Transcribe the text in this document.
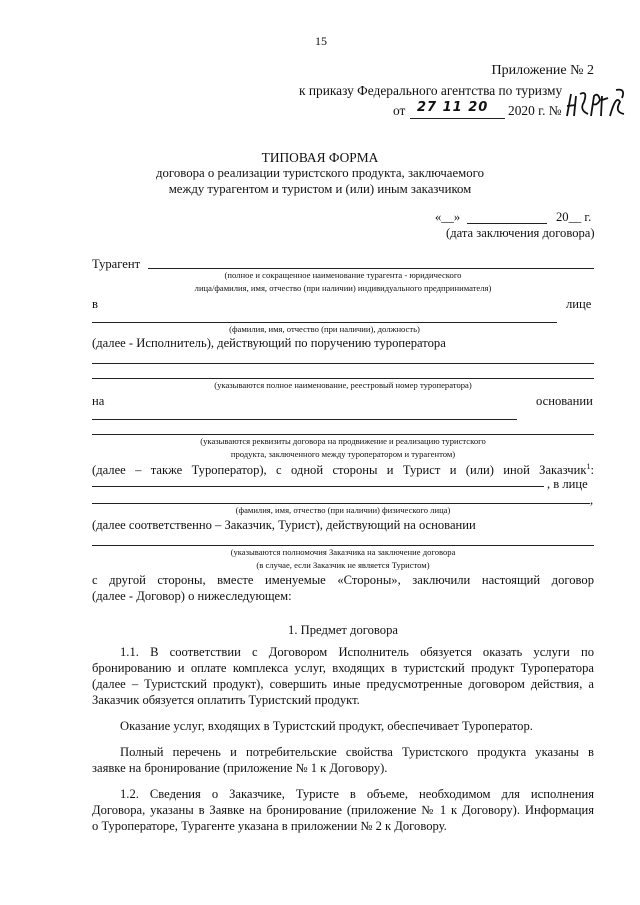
15
Приложение № 2
к приказу Федерального агентства по туризму
от 27 11 20 2020 г. №
448Пр-20
ТИПОВАЯ ФОРМА
договора о реализации туристского продукта, заключаемого
между турагентом и туристом и (или) иным заказчиком
«__»	20__ г.
(дата заключения договора)
Турагент
(полное и сокращенное наименование турагента - юридического
лица/фамилия, имя, отчество (при наличии) индивидуального предпринимателя)
в	лице
(фамилия, имя, отчество (при наличии), должность)
(далее - Исполнитель), действующий по поручению туроператора
(указываются полное наименование, реестровый номер туроператора)
на	основании
(указываются реквизиты договора на продвижение и реализацию туристского
продукта, заключенного между туроператором и турагентом)
(далее – также Туроператор), с одной стороны и Турист и (или) иной Заказчик$^1$:
, в лице
,
(фамилия, имя, отчество (при наличии) физического лица)
(далее соответственно – Заказчик, Турист), действующий на основании
(указываются полномочия Заказчика на заключение договора
(в случае, если Заказчик не является Туристом)
с другой стороны, вместе именуемые «Стороны», заключили настоящий договор
(далее - Договор) о нижеследующем:
1. Предмет договора
1.1. В соответствии с Договором Исполнитель обязуется оказать услуги по
бронированию и оплате комплекса услуг, входящих в туристский продукт Туроператора
(далее – Туристский продукт), совершить иные предусмотренные договором действия, а
Заказчик обязуется оплатить Туристский продукт.
Оказание услуг, входящих в Туристский продукт, обеспечивает Туроператор.
Полный перечень и потребительские свойства Туристского продукта указаны в
заявке на бронирование (приложение № 1 к Договору).
1.2. Сведения о Заказчике, Туристе в объеме, необходимом для исполнения
Договора, указаны в Заявке на бронирование (приложение № 1 к Договору). Информация
о Туроператоре, Турагенте указана в приложении № 2 к Договору.
